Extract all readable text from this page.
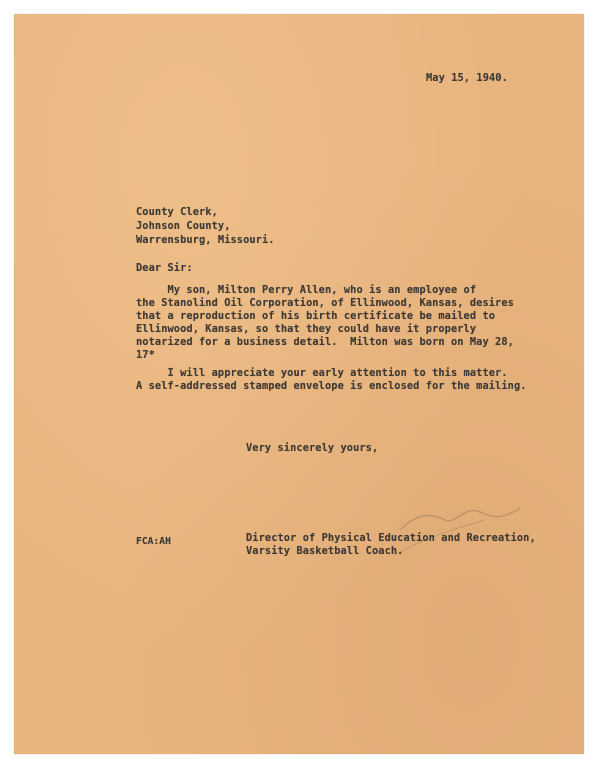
May 15, 1940.
County Clerk,
Johnson County,
Warrensburg, Missouri.
Dear Sir:
My son, Milton Perry Allen, who is an employee of
the Stanolind Oil Corporation, of Ellinwood, Kansas, desires
that a reproduction of his birth certificate be mailed to
Ellinwood, Kansas, so that they could have it properly
notarized for a business detail.  Milton was born on May 28,
17*
I will appreciate your early attention to this matter.
A self-addressed stamped envelope is enclosed for the mailing.
Very sincerely yours,
Director of Physical Education and Recreation,
Varsity Basketball Coach.
FCA:AH
